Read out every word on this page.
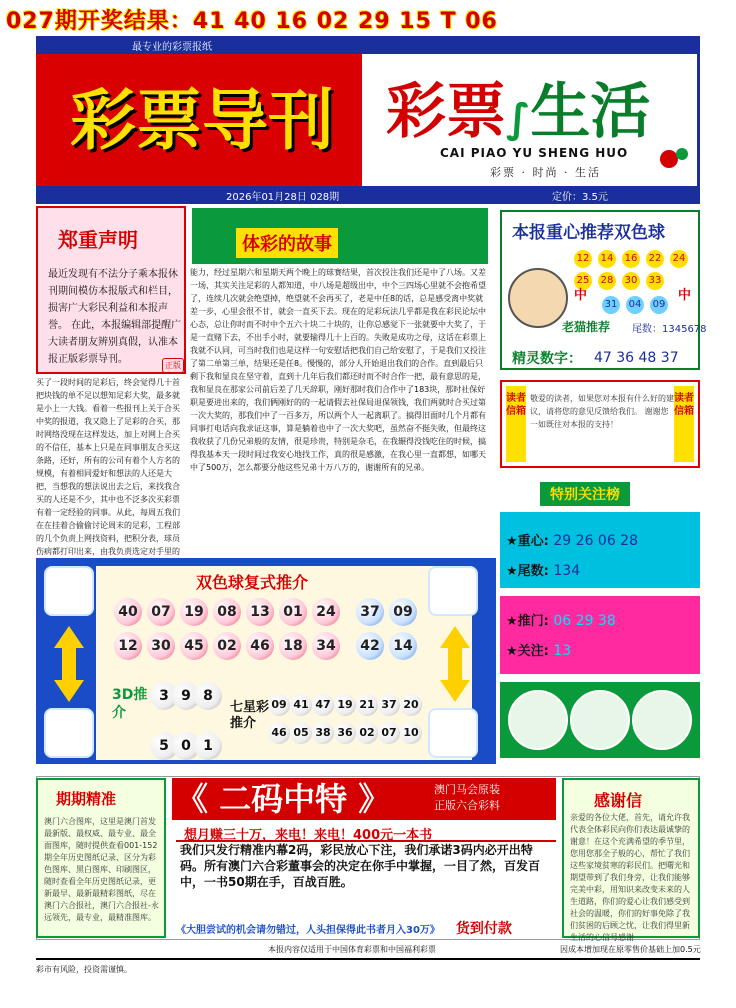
027期开奖结果：41 40 16 02 29 15 T 06
最专业的彩票报纸
彩票导刊 彩票∫生活
CAI PIAO YU SHENG HUO
彩票 · 时尚 · 生活
2026年01月28日 028期	定价：3.5元
郑重声明

最近发现有不法分子乘本报休刊期间模仿本报版式和栏目，损害广大彩民利益和本报声誉。 在此，本报编辑部提醒广大读者朋友辨别真假，认准本报正版彩票导刊。

正版
体彩的故事
能力，经过星期六和星期天两个晚上的球赛结果，首次投注我们还是中了八场。又差一场，其实关注足彩的人都知道，中八场是超级出中，中个三四场心里就不会抱希望了，连续几次就会绝望掉，绝望就不会再买了，老是中任8的话，总是感受离中奖就差一步，心里会很不甘，就会一直买下去。现在的足彩玩法几乎都是我在彩民论坛中心态，总让你时而不时中个五六十块二十块的，让你总感觉下一张就要中大奖了，于是一直赌下去，不出手小时，就要输得几十上百的。失败是成功之母，这话在彩票上我就不认同，可当时我们也是这样一句安慰话把我们自己给安慰了，于是我们又投注了第二单第三单，结果还是任8。慢慢的，部分人开始退出我们的合作。直到最后只剩下我和显良在坚守着，直到十几年后我们都还时而不时合作一把，最有意思的是，我和显良在那家公司前后差了几天辞职，刚好那时我们合作中了183块，那时社保好职是要进出来的，我们俩刚好的的一起请假去社保局退保领钱，我们两就时合买过第一次大奖的，那我们中了一百多万，所以两个人一起离职了。搞得旧面时几个月都有同事打电话向我求证这事，算是躺着也中了一次大奖吧，虽然奋不挺失败，但最终这我收获了几份兄弟般的友情，很是珍贵，特别是杂毛，在我辗得没钱吃住的时候，搞得我基本天一段时间过我安心地找工作，真的很是感激，在我心里一直都想，如哪天中了500万，怎么都要分他这些兄弟十万八万的，谢谢所有的兄弟。
买了一段时间的足彩后，终会觉得几十首把块钱的单不足以想知足彩大奖，最多就是小上一大钱。看着一些报刊上关于合买中奖的报道，我又隐上了足彩的合买，那时网络没现在这样发达，加上对网上合买的不信任，基本上只是在同事朋友合买这条路，还好，所有的公司有着个人方名的规模，有着相同爱好和想法的人还是大把，当想我的想法说出去之后，来找我合买的人还是不少，其中也不泛多次买彩票有着一定经验的同事。从此，每周五我们在在挂着合偷偷讨论周末的足彩，工程部的几个负责上网找资料，把积分表，球员伤病都打印出来，由我负责选定对手里的
本报重心推荐双色球
12 14 16 22 24
25 28 30 33
31 04 09
中	中
老猫推荐 尾数：1345678
精灵数字： 47 36 48 37
读者信箱
读者信箱

敬爱的读者，如果您对本报有什么好的建议，请将您的意见反馈给我们。 谢谢您一如既往对本报的支持！

特别关注榜
★重心: 29 26 06 28
★尾数: 134
★推门: 06 29 38
★关注: 13
双色球复式推介
40 07 19 08 13 01 24	37 09
12 30 45 02 46 18 34	42 14
3 9 8
5 0 1
09 41 47 19 21 37 20
46 05 38 36 02 07 10
3D推介	七星彩推介
期期精准

澳门六合图库，这里是澳门首发最新版、最权威、最专业、最全面图库，随时提供查看001-152期全年历史图纸记录、区分为彩色图库、黑白图库、印刷图区，随时查看全年历史图纸记录，更新最早、最新最精彩图纸，尽在澳门六合报社，澳门六合报社-永远领先，最专业，最精准图库。

《 二码中特 》	澳门马会原装
正版六合彩料
想月赚三十万，来电！来电！400元一本书
我们只发行精准内幕2码，彩民放心下注，我们承诺3码内必开出特码。所有澳门六合彩董事会的决定在你手中掌握，一目了然，百发百中，一书50期在手，百战百胜。
《大胆尝试的机会请勿错过，人头担保得此书者月入30万》 货到付款
感谢信

亲爱的各位大佬，首先，请允许我代表全体彩民向你们表达最诚挚的谢意！在这个充满希望的季节里，您用您那全子般的心，帮忙了我们这些家境贫寒的彩民们。把曙光和期望带到了我们身旁，让我们能够完美中彩，用知识来改变未来的人生道路，你们的爱心让我们感受到社会的温暖，你们的好事免除了我们贫困的后顾之忧，让我们得里新生活的心信号感谢

本报内容仅适用于中国体育彩票和中国福利彩票	因成本增加现在原零售价基础上加0.5元
彩市有风险，投资需谨慎。
